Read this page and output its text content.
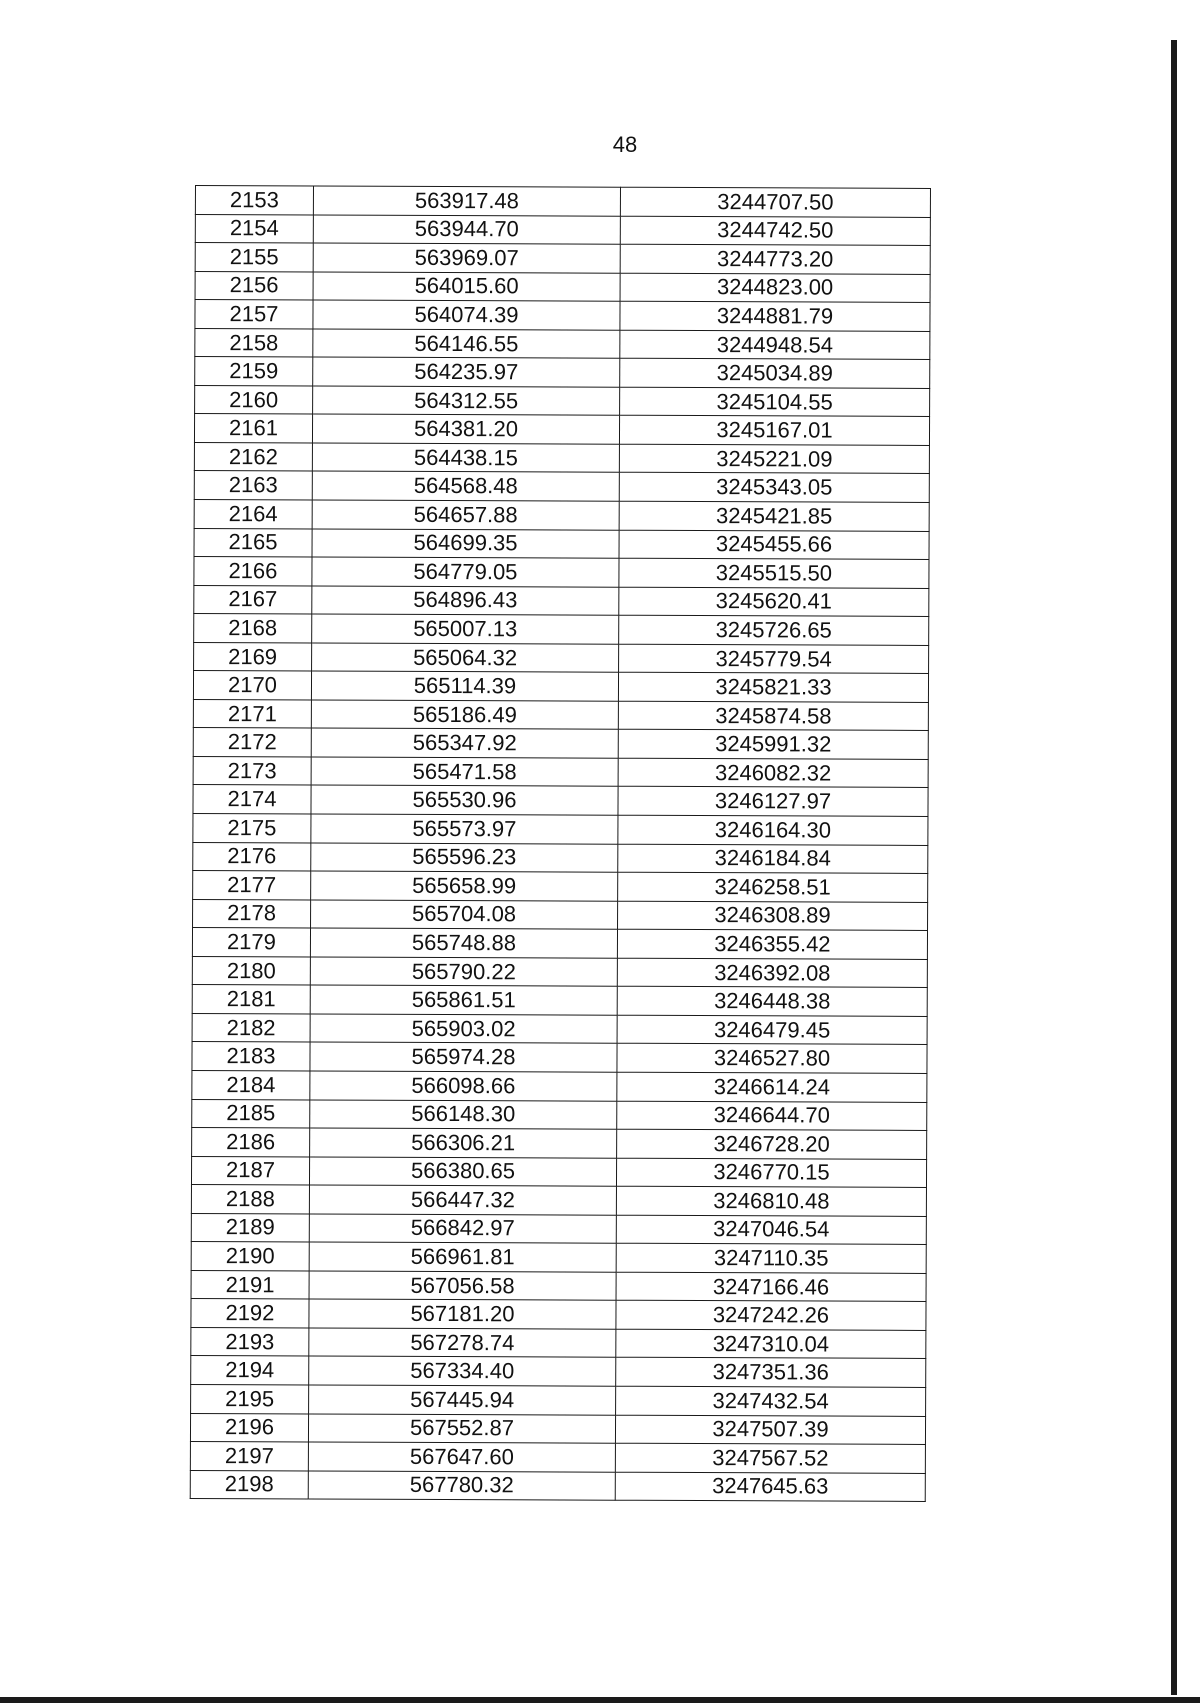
48
2153	563917.48	3244707.50
2154	563944.70	3244742.50
2155	563969.07	3244773.20
2156	564015.60	3244823.00
2157	564074.39	3244881.79
2158	564146.55	3244948.54
2159	564235.97	3245034.89
2160	564312.55	3245104.55
2161	564381.20	3245167.01
2162	564438.15	3245221.09
2163	564568.48	3245343.05
2164	564657.88	3245421.85
2165	564699.35	3245455.66
2166	564779.05	3245515.50
2167	564896.43	3245620.41
2168	565007.13	3245726.65
2169	565064.32	3245779.54
2170	565114.39	3245821.33
2171	565186.49	3245874.58
2172	565347.92	3245991.32
2173	565471.58	3246082.32
2174	565530.96	3246127.97
2175	565573.97	3246164.30
2176	565596.23	3246184.84
2177	565658.99	3246258.51
2178	565704.08	3246308.89
2179	565748.88	3246355.42
2180	565790.22	3246392.08
2181	565861.51	3246448.38
2182	565903.02	3246479.45
2183	565974.28	3246527.80
2184	566098.66	3246614.24
2185	566148.30	3246644.70
2186	566306.21	3246728.20
2187	566380.65	3246770.15
2188	566447.32	3246810.48
2189	566842.97	3247046.54
2190	566961.81	3247110.35
2191	567056.58	3247166.46
2192	567181.20	3247242.26
2193	567278.74	3247310.04
2194	567334.40	3247351.36
2195	567445.94	3247432.54
2196	567552.87	3247507.39
2197	567647.60	3247567.52
2198	567780.32	3247645.63
